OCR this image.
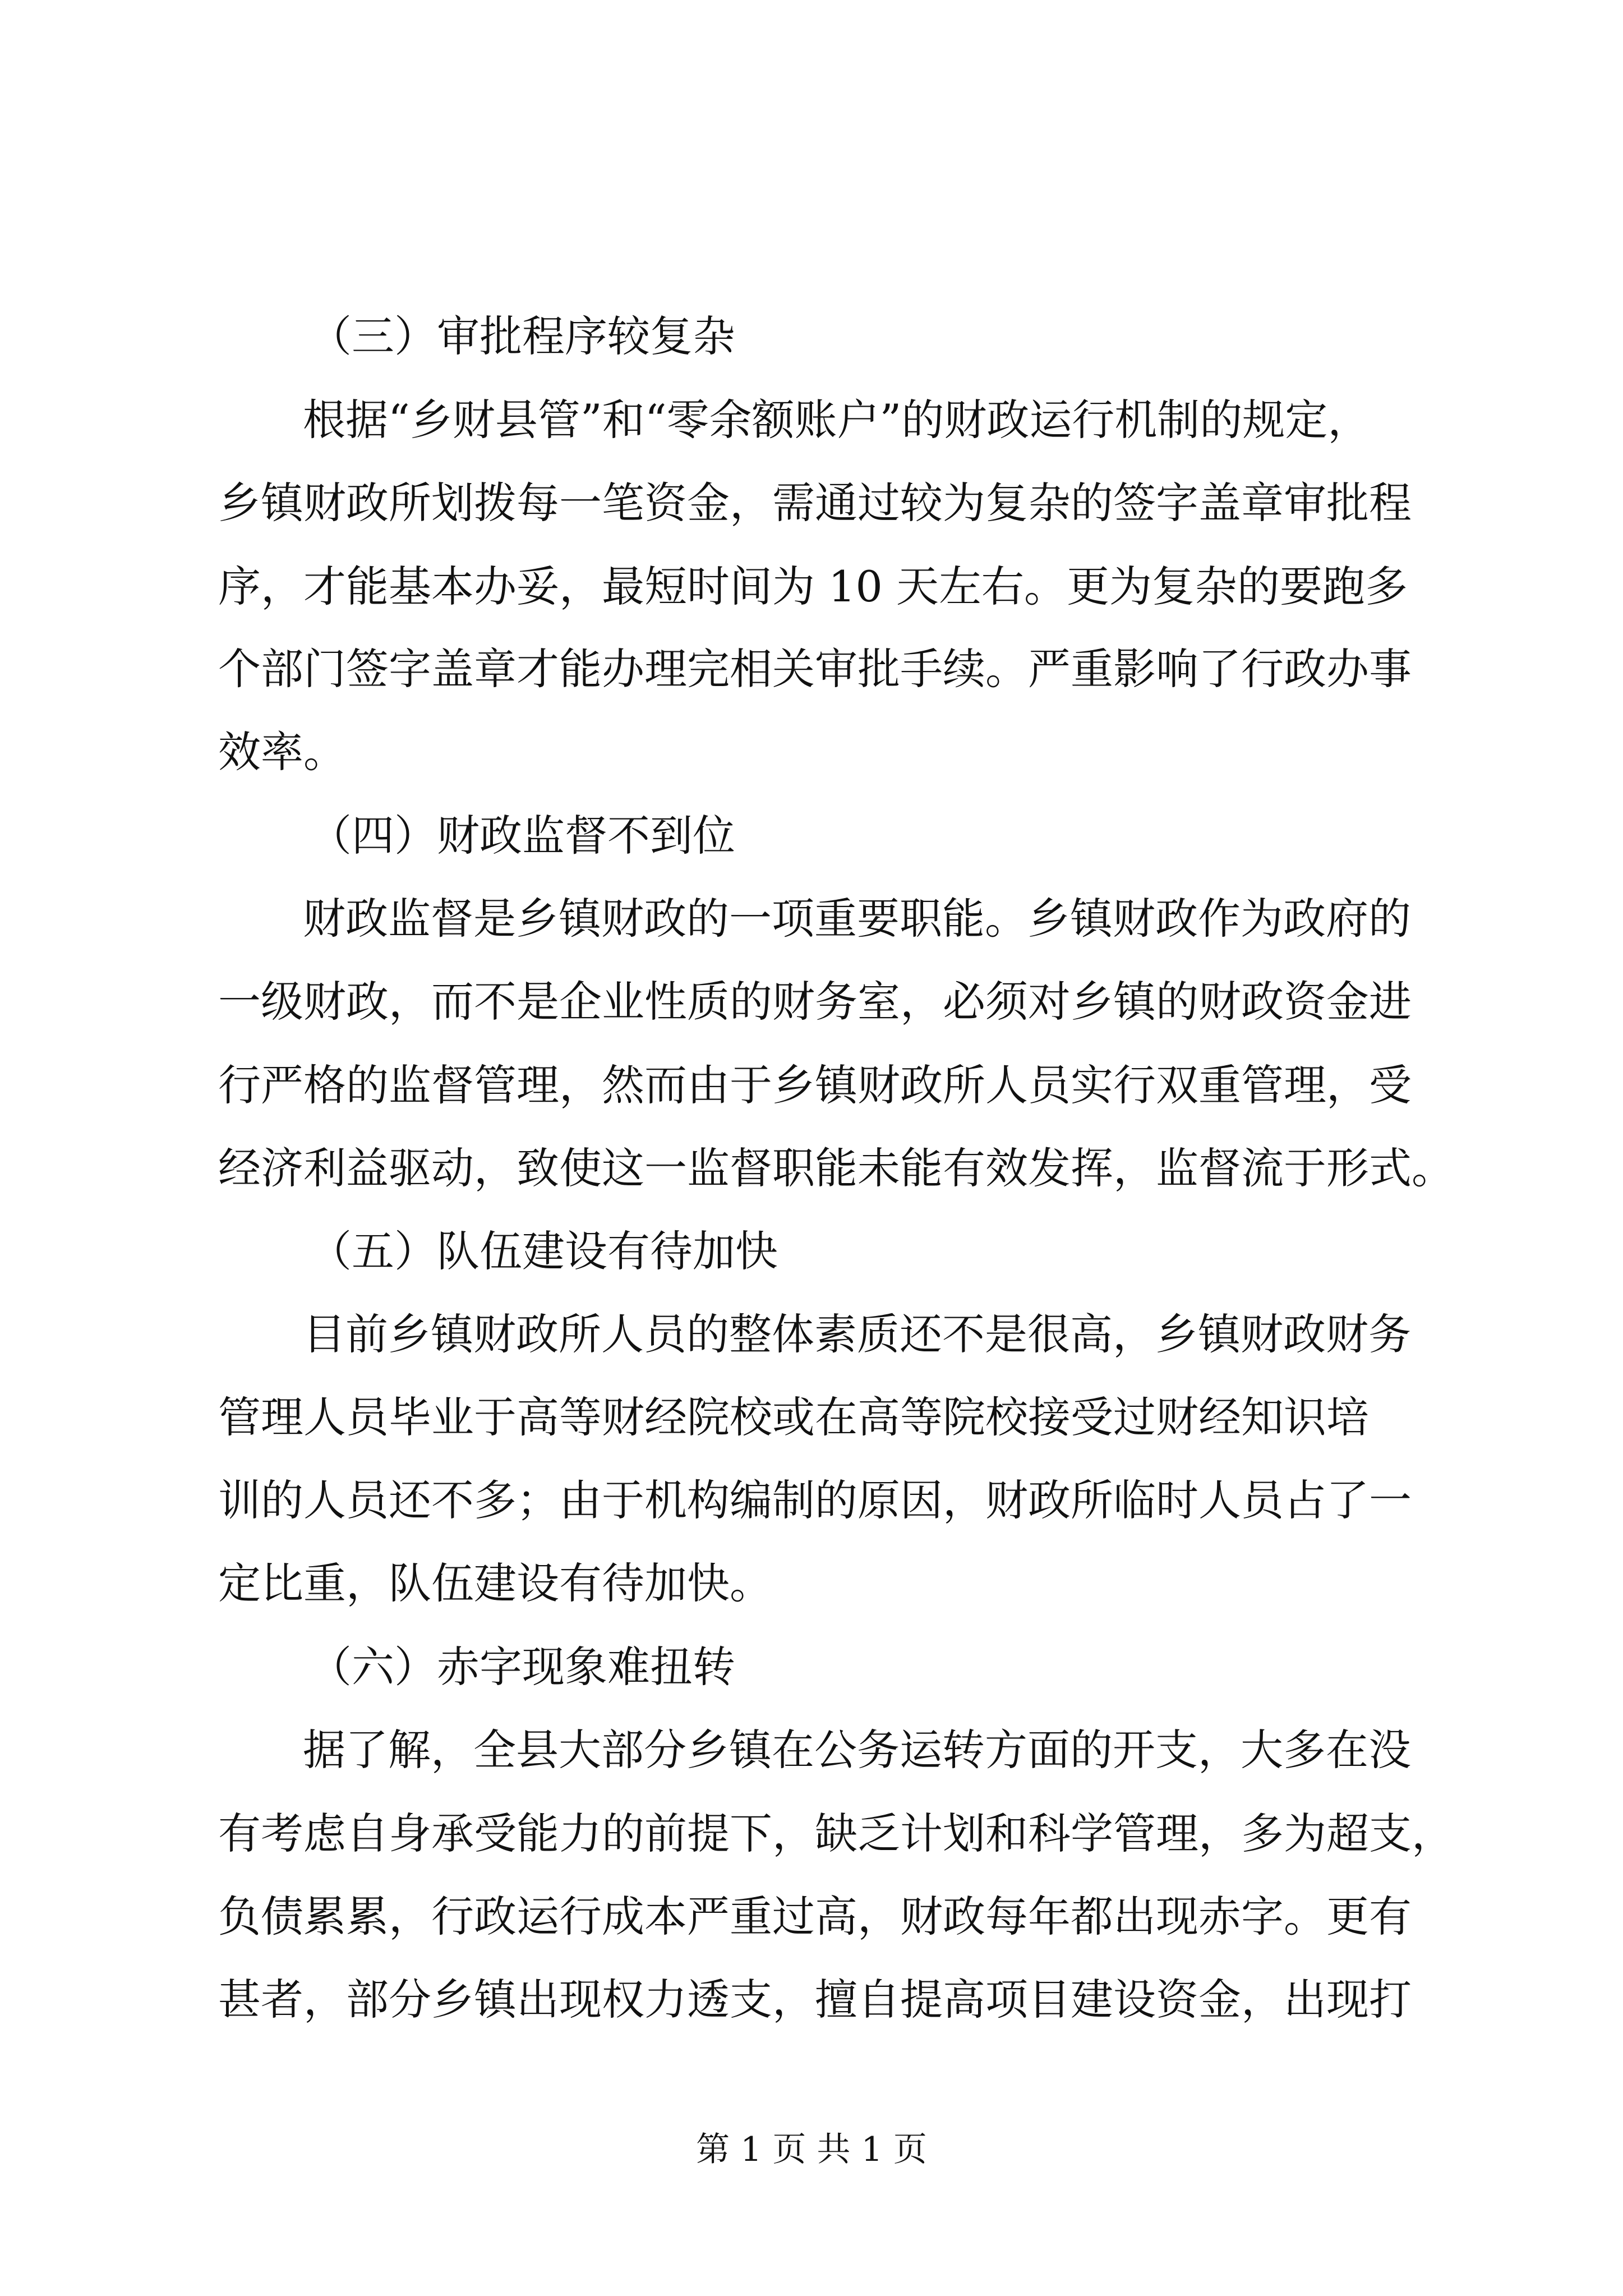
（三）审批程序较复杂
根据“乡财县管”和“零余额账户”的财政运行机制的规定，
乡镇财政所划拨每一笔资金，需通过较为复杂的签字盖章审批程
序，才能基本办妥，最短时间为 10 天左右。更为复杂的要跑多
个部门签字盖章才能办理完相关审批手续。严重影响了行政办事
效率。
（四）财政监督不到位
财政监督是乡镇财政的一项重要职能。乡镇财政作为政府的
一级财政，而不是企业性质的财务室，必须对乡镇的财政资金进
行严格的监督管理，然而由于乡镇财政所人员实行双重管理，受
经济利益驱动，致使这一监督职能未能有效发挥，监督流于形式。
（五）队伍建设有待加快
目前乡镇财政所人员的整体素质还不是很高，乡镇财政财务
管理人员毕业于高等财经院校或在高等院校接受过财经知识培
训的人员还不多；由于机构编制的原因，财政所临时人员占了一
定比重，队伍建设有待加快。
（六）赤字现象难扭转
据了解，全县大部分乡镇在公务运转方面的开支，大多在没
有考虑自身承受能力的前提下，缺乏计划和科学管理，多为超支，
负债累累，行政运行成本严重过高，财政每年都出现赤字。更有
甚者，部分乡镇出现权力透支，擅自提高项目建设资金，出现打
第 1 页 共 1 页
